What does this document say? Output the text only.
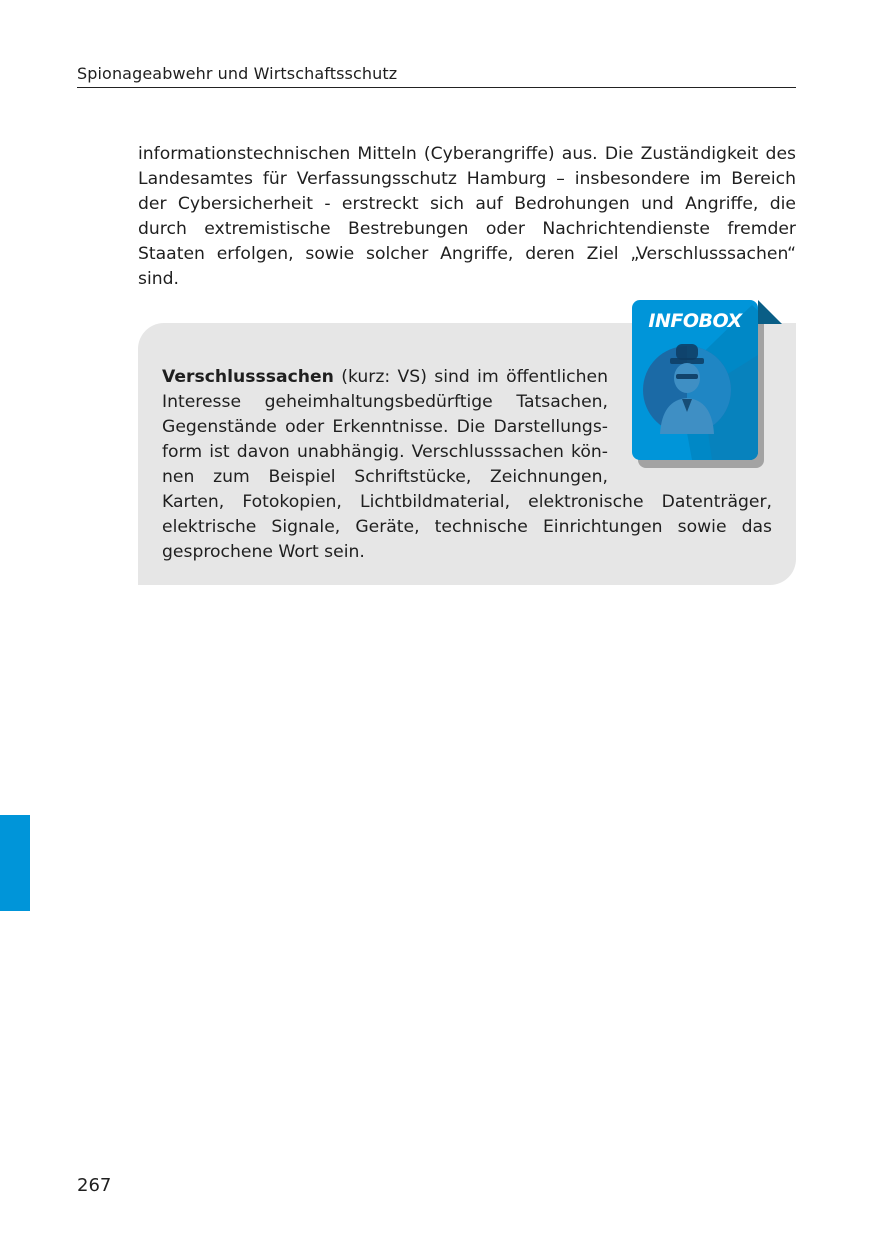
Spionageabwehr und Wirtschaftsschutz

informationstechnischen Mitteln (Cyberangriffe) aus. Die Zuständigkeit des Landesamtes für Verfassungsschutz Hamburg – insbesondere im Bereich der Cybersicherheit - erstreckt sich auf Bedrohungen und Angriffe, die durch extremistische Bestrebungen oder Nachrichtendienste fremder Staaten erfolgen, sowie solcher Angriffe, deren Ziel „Verschlusssachen“ sind.

Verschlusssachen (kurz: VS) sind im öffentlichen Interesse geheimhaltungsbedürftige Tatsachen, Gegenstände oder Erkenntnisse. Die Darstellungsform ist davon unabhängig. Verschlusssachen können zum Beispiel Schriftstücke, Zeichnungen, Karten, Fotokopien, Lichtbildmaterial, elektronische Datenträger, elektrische Signale, Geräte, technische Einrichtungen sowie das gesprochene Wort sein.

INFOBOX
267
